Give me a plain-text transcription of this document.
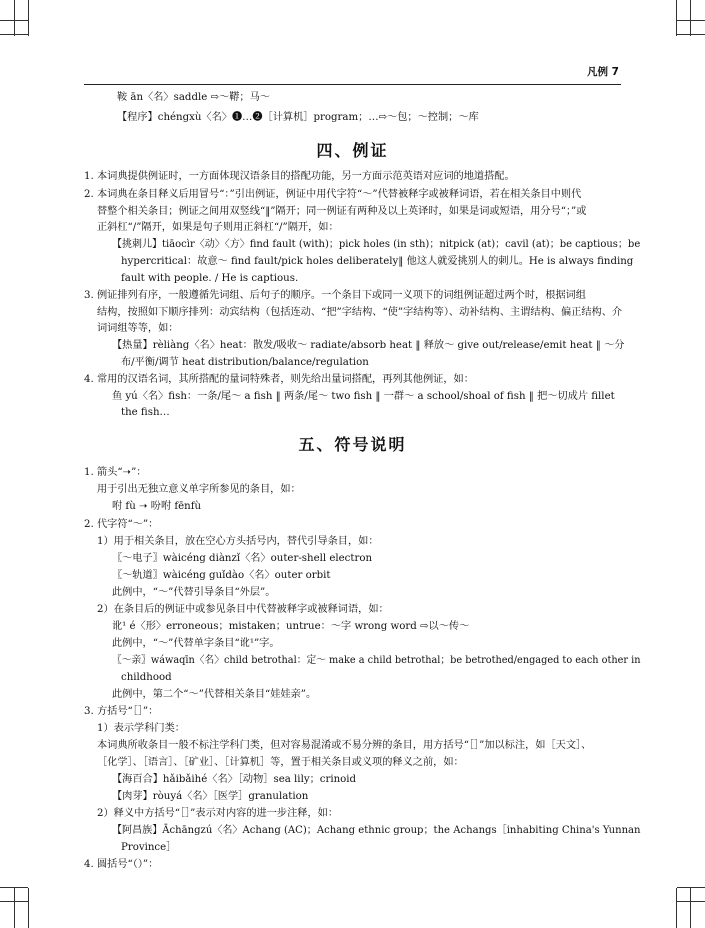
凡例 7
鞍 ān〈名〉saddle ⇨～鞯；马～
【程序】chéngxù〈名〉❶…❷［计算机］program；…⇨～包；～控制；～库
四、例证
1. 本词典提供例证时，一方面体现汉语条目的搭配功能，另一方面示范英语对应词的地道搭配。
2. 本词典在条目释义后用冒号“：”引出例证，例证中用代字符“～”代替被释字或被释词语，若在相关条目中则代
替整个相关条目；例证之间用双竖线“‖”隔开；同一例证有两种及以上英译时，如果是词或短语，用分号“；”或
正斜杠“/”隔开，如果是句子则用正斜杠“/”隔开，如：
【挑刺儿】tiāocìr〈动〉〈方〉find fault (with)；pick holes (in sth)；nitpick (at)；cavil (at)；be captious；be
hypercritical：故意～ find fault/pick holes deliberately‖ 他这人就爱挑别人的刺儿。He is always finding
fault with people. / He is captious.
3. 例证排列有序，一般遵循先词组、后句子的顺序。一个条目下或同一义项下的词组例证超过两个时，根据词组
结构，按照如下顺序排列：动宾结构（包括连动、“把”字结构、“使”字结构等）、动补结构、主谓结构、偏正结构、介
词词组等等，如：
【热量】rèliàng〈名〉heat：散发/吸收～ radiate/absorb heat ‖ 释放～ give out/release/emit heat ‖ ～分
布/平衡/调节 heat distribution/balance/regulation
4. 常用的汉语名词，其所搭配的量词特殊者，则先给出量词搭配，再列其他例证，如：
鱼 yú〈名〉fish：一条/尾～ a fish ‖ 两条/尾～ two fish ‖ 一群～ a school/shoal of fish ‖ 把～切成片 fillet
the fish…
五、符号说明
1. 箭头“➝”：
用于引出无独立意义单字所参见的条目，如：
咐 fù ➝ 吩咐 fēnfù
2. 代字符“～”：
1）用于相关条目，放在空心方头括号内，替代引导条目，如：
〖～电子〗wàicéng diànzǐ〈名〉outer-shell electron
〖～轨道〗wàicéng guǐdào〈名〉outer orbit
此例中，“～”代替引导条目“外层”。
2）在条目后的例证中或参见条目中代替被释字或被释词语，如：
讹¹ é〈形〉erroneous；mistaken；untrue：～字 wrong word ⇨以～传～
此例中，“～”代替单字条目“讹¹”字。
〖～亲〗wáwaqīn〈名〉child betrothal：定～ make a child betrothal；be betrothed/engaged to each other in
childhood
此例中，第二个“～”代替相关条目“娃娃亲”。
3. 方括号“［］”：
1）表示学科门类：
本词典所收条目一般不标注学科门类，但对容易混淆或不易分辨的条目，用方括号“［］”加以标注，如［天文］、
［化学］、［语言］、［矿业］、［计算机］等，置于相关条目或义项的释义之前，如：
【海百合】hǎibǎihé〈名〉［动物］sea lily；crinoid
【肉芽】ròuyá〈名〉［医学］granulation
2）释义中方括号“［］”表示对内容的进一步注释，如：
【阿昌族】Āchāngzú〈名〉Achang (AC)；Achang ethnic group；the Achangs［inhabiting China's Yunnan
Province］
4. 圆括号“（）”：
